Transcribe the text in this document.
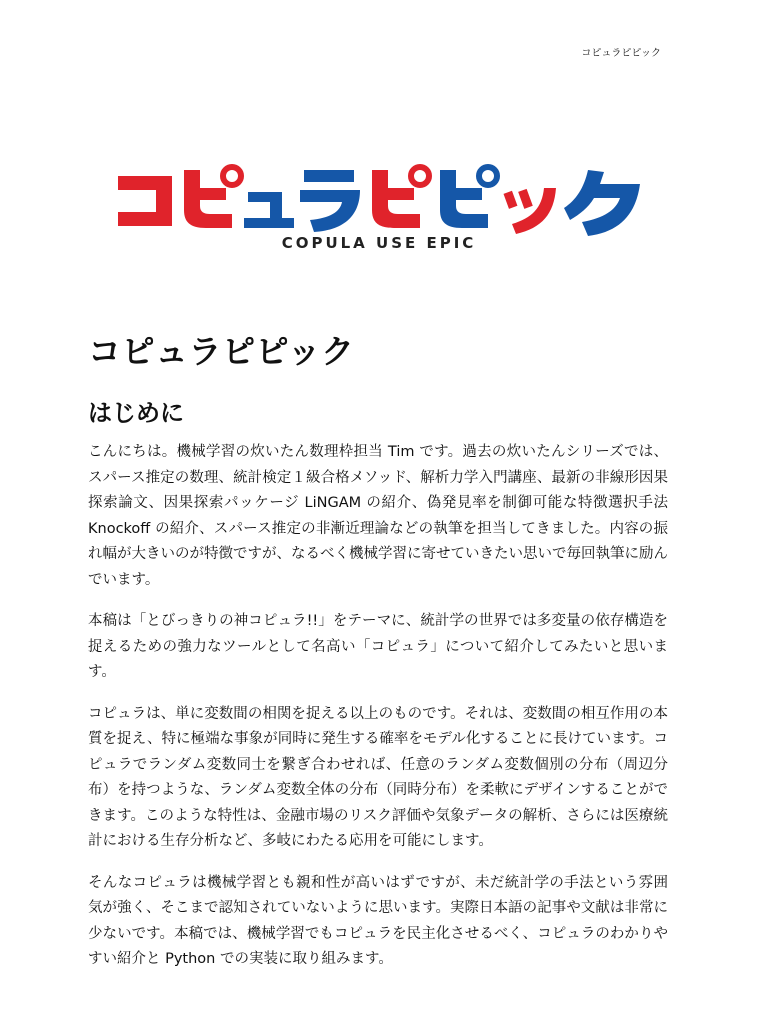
コピュラピピック
COPULA USE EPIC
コピュラピピック
はじめに

こんにちは。機械学習の炊いたん数理枠担当 Tim です。過去の炊いたんシリーズでは、スパース推定の数理、統計検定１級合格メソッド、解析力学入門講座、最新の非線形因果探索論文、因果探索パッケージ LiNGAM の紹介、偽発見率を制御可能な特徴選択手法 Knockoff の紹介、スパース推定の非漸近理論などの執筆を担当してきました。内容の振れ幅が大きいのが特徴ですが、なるべく機械学習に寄せていきたい思いで毎回執筆に励んでいます。

本稿は「とびっきりの神コピュラ!!」をテーマに、統計学の世界では多変量の依存構造を捉えるための強力なツールとして名高い「コピュラ」について紹介してみたいと思います。

コピュラは、単に変数間の相関を捉える以上のものです。それは、変数間の相互作用の本質を捉え、特に極端な事象が同時に発生する確率をモデル化することに長けています。コピュラでランダム変数同士を繋ぎ合わせれば、任意のランダム変数個別の分布（周辺分布）を持つような、ランダム変数全体の分布（同時分布）を柔軟にデザインすることができます。このような特性は、金融市場のリスク評価や気象データの解析、さらには医療統計における生存分析など、多岐にわたる応用を可能にします。

そんなコピュラは機械学習とも親和性が高いはずですが、未だ統計学の手法という雰囲気が強く、そこまで認知されていないように思います。実際日本語の記事や文献は非常に少ないです。本稿では、機械学習でもコピュラを民主化させるべく、コピュラのわかりやすい紹介と Python での実装に取り組みます。
